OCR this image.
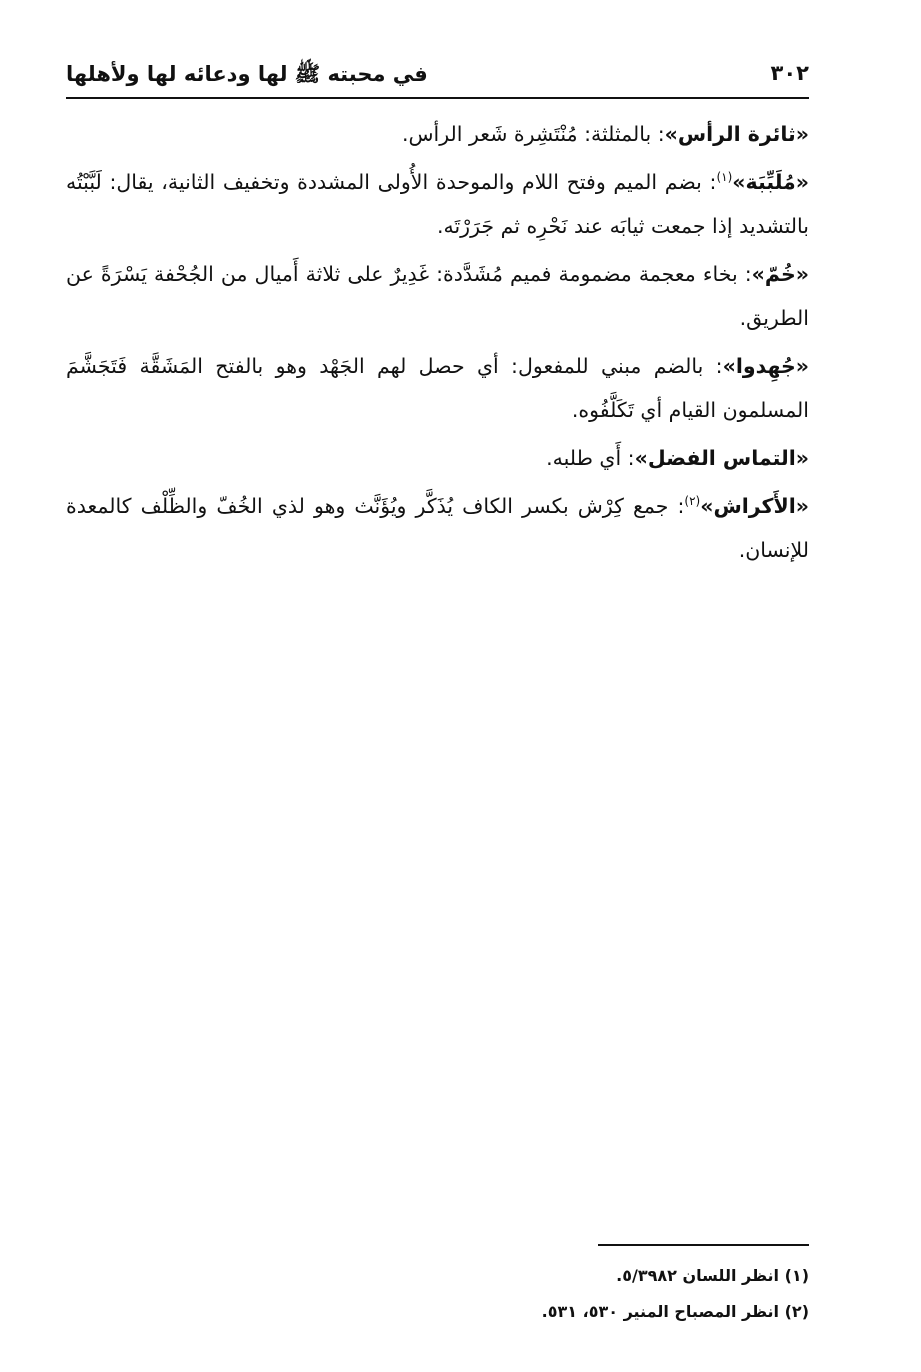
٣٠٢
في محبته ﷺ لها ودعائه لها ولأهلها

«ثائرة الرأس»: بالمثلثة: مُنْتَشِرة شَعر الرأس.

«مُلَبِّبَة»$^{(١)}$: بضم الميم وفتح اللام والموحدة الأُولى المشددة وتخفيف الثانية، يقال: لَبَّبْتُه بالتشديد إذا جمعت ثيابَه عند نَحْرِه ثم جَرَرْتَه.

«خُمّ»: بخاء معجمة مضمومة فميم مُشَدَّدة: غَدِيرٌ على ثلاثة أَميال من الجُحْفة يَسْرَةً عن الطريق.

«جُهِدوا»: بالضم مبني للمفعول: أي حصل لهم الجَهْد وهو بالفتح المَشَقَّة فَتَجَشَّمَ المسلمون القيام أي تَكَلَّفُوه.

«التماس الفضل»: أَي طلبه.

«الأَكراش»$^{(٢)}$: جمع كِرْش بكسر الكاف يُذَكَّر ويُؤَنَّث وهو لذي الخُفّ والظِّلْف كالمعدة للإنسان.

(١) انظر اللسان ٥/٣٩٨٢.

(٢) انظر المصباح المنير ٥٣٠، ٥٣١.
